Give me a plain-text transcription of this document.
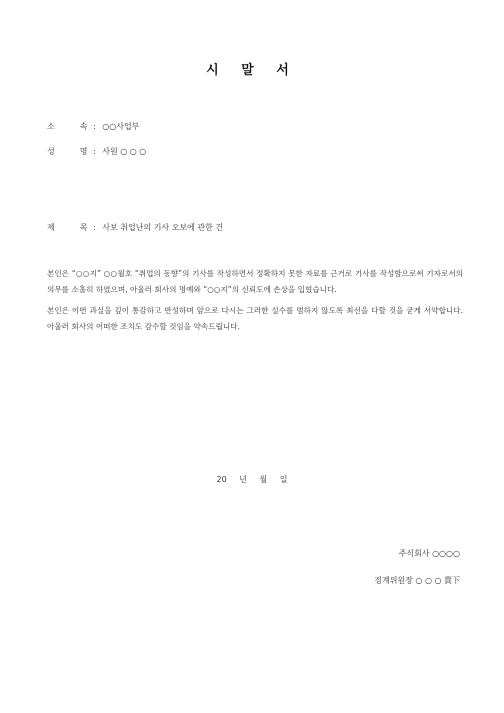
시 말 서
소	속 : ○○사업부
성	명 : 사원 ○ ○ ○
제	목 : 사보 취업난의 기사 오보에 관한 건

본인은 “○○지” ○○월호 “취업의 동향”의 기사를 작성하면서 정확하지 못한 자료를 근거로 기사를 작성함으로써 기자로서의 의무를 소홀히 하였으며, 아울러 회사의 명예와 “○○지”의 신뢰도에 손상을 입혔습니다.

본인은 이번 과실을 깊이 통감하고 반성하며 앞으로 다시는 그러한 실수를 범하지 않도록 최선을 다할 것을 굳게 서약합니다. 아울러 회사의 어떠한 조치도 감수할 것임을 약속드립니다.

20 년 월 일
주식회사 ○○○○
징계위원장 ○ ○ ○ 貴下
